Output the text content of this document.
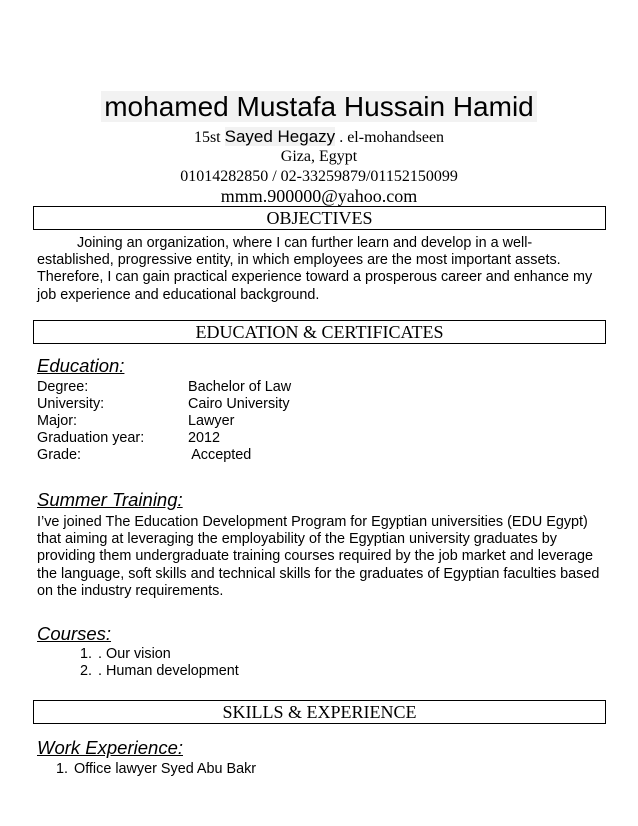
mohamed Mustafa Hussain Hamid
15st Sayed Hegazy . el-mohandseen
Giza, Egypt
01014282850 / 02-33259879/01152150099
mmm.900000@yahoo.com
OBJECTIVES
Joining an organization, where I can further learn and develop in a well-established, progressive entity, in which employees are the most important assets. Therefore, I can gain practical experience toward a prosperous career and enhance my job experience and educational background.
EDUCATION & CERTIFICATES
Education:
Degree:	Bachelor of Law
University:	Cairo University
Major:	Lawyer
Graduation year:	2012
Grade:	Accepted
Summer Training:
I’ve joined The Education Development Program for Egyptian universities (EDU Egypt) that aiming at leveraging the employability of the Egyptian university graduates by providing them undergraduate training courses required by the job market and leverage the language, soft skills and technical skills for the graduates of Egyptian faculties based on the industry requirements.
Courses:
1. . Our vision
2. . Human development
SKILLS & EXPERIENCE
Work Experience:
1. Office lawyer Syed Abu Bakr
